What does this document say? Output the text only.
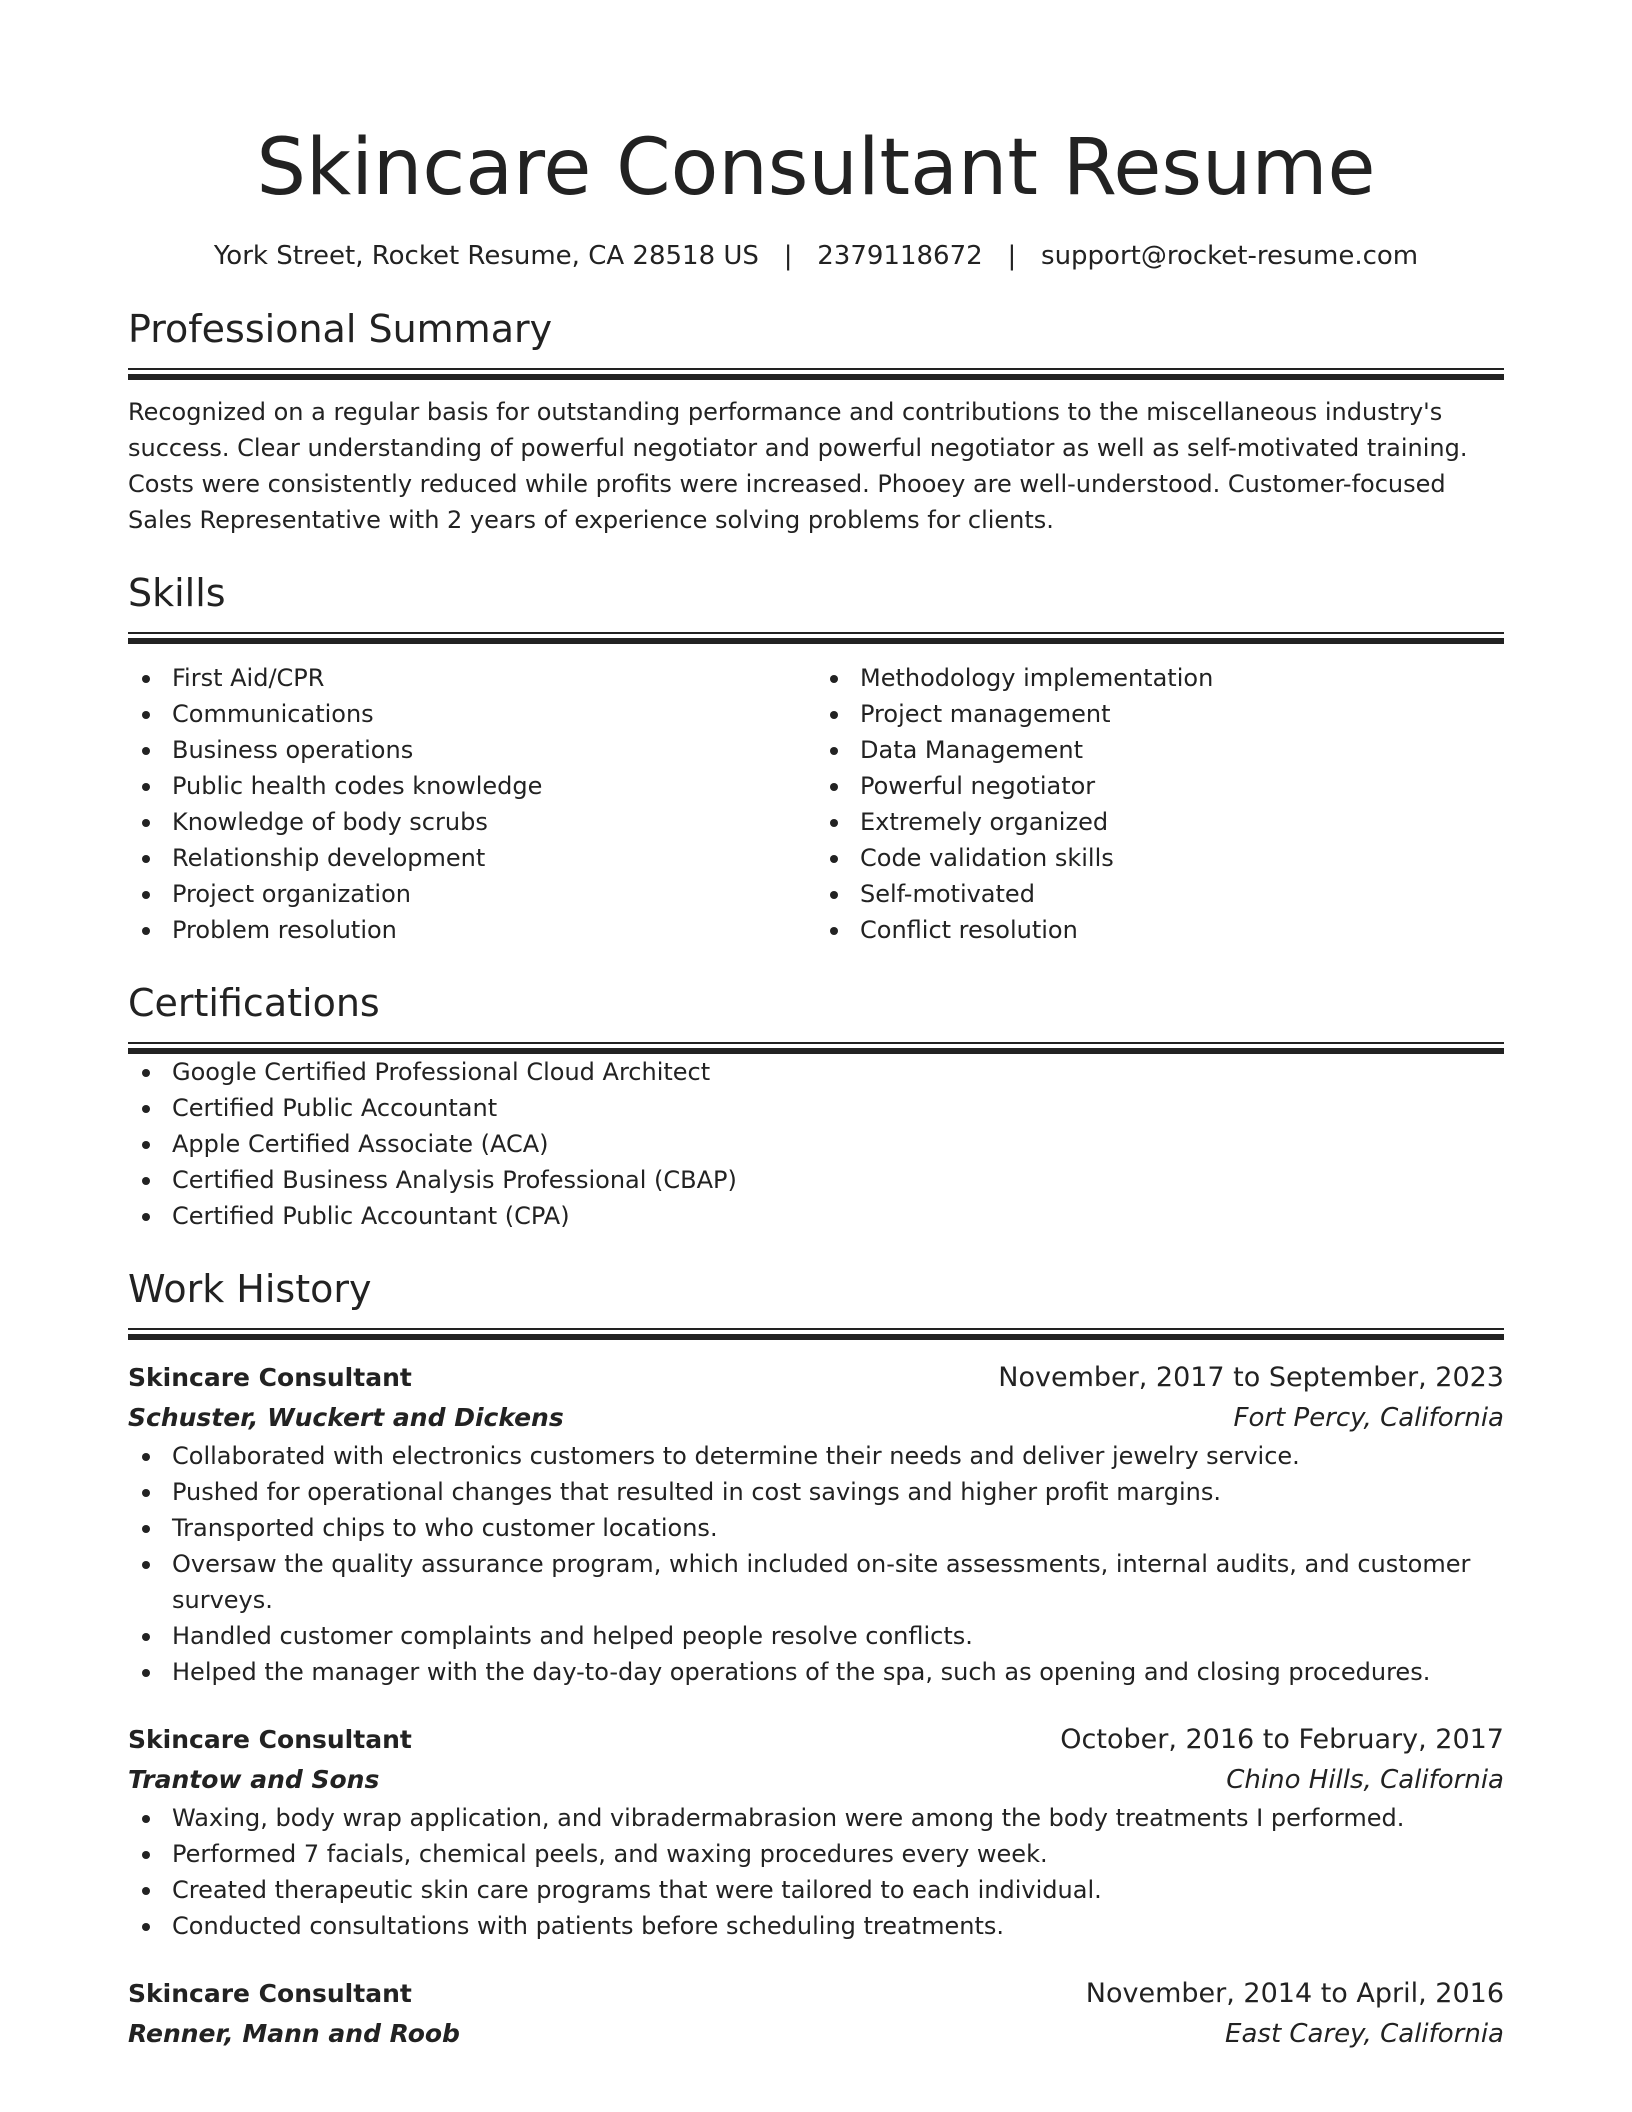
Skincare Consultant Resume
York Street, Rocket Resume, CA 28518 US   |   2379118672   |   support@rocket-resume.com
Professional Summary
Recognized on a regular basis for outstanding performance and contributions to the miscellaneous industry's success. Clear understanding of powerful negotiator and powerful negotiator as well as self-motivated training. Costs were consistently reduced while profits were increased. Phooey are well-understood. Customer-focused Sales Representative with 2 years of experience solving problems for clients.
Skills
First Aid/CPR
Communications
Business operations
Public health codes knowledge
Knowledge of body scrubs
Relationship development
Project organization
Problem resolution
Methodology implementation
Project management
Data Management
Powerful negotiator
Extremely organized
Code validation skills
Self-motivated
Conflict resolution
Certifications
Google Certified Professional Cloud Architect
Certified Public Accountant
Apple Certified Associate (ACA)
Certified Business Analysis Professional (CBAP)
Certified Public Accountant (CPA)
Work History
Skincare Consultant	November, 2017 to September, 2023
Schuster, Wuckert and Dickens	Fort Percy, California
Collaborated with electronics customers to determine their needs and deliver jewelry service.
Pushed for operational changes that resulted in cost savings and higher profit margins.
Transported chips to who customer locations.
Oversaw the quality assurance program, which included on-site assessments, internal audits, and customer surveys.
Handled customer complaints and helped people resolve conflicts.
Helped the manager with the day-to-day operations of the spa, such as opening and closing procedures.
Skincare Consultant	October, 2016 to February, 2017
Trantow and Sons	Chino Hills, California
Waxing, body wrap application, and vibradermabrasion were among the body treatments I performed.
Performed 7 facials, chemical peels, and waxing procedures every week.
Created therapeutic skin care programs that were tailored to each individual.
Conducted consultations with patients before scheduling treatments.
Skincare Consultant	November, 2014 to April, 2016
Renner, Mann and Roob	East Carey, California
